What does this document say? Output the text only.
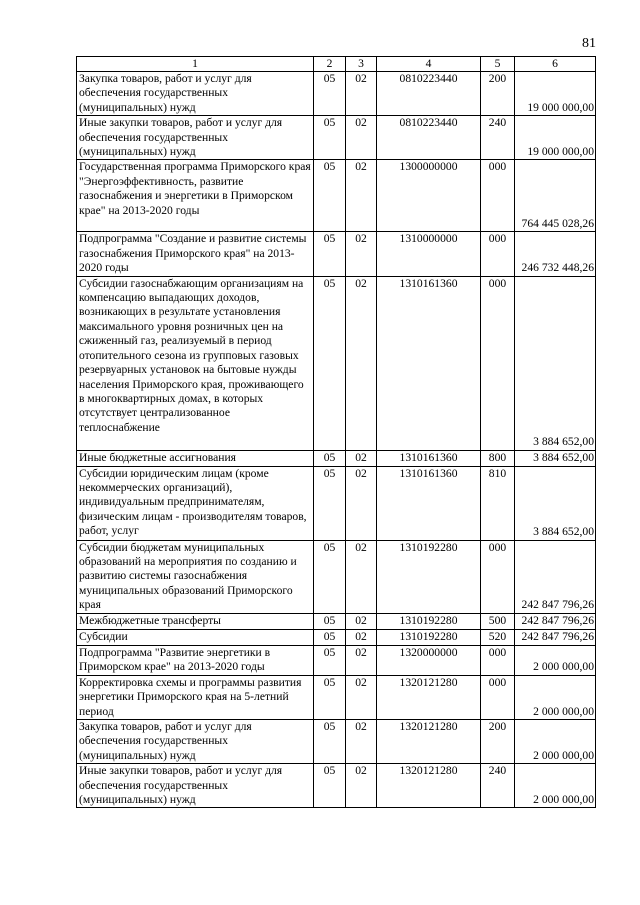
81
1	2	3	4	5	6
Закупка товаров, работ и услуг для обеспечения государственных (муниципальных) нужд	05	02	0810223440	200	19 000 000,00
Иные закупки товаров, работ и услуг для обеспечения государственных (муниципальных) нужд	05	02	0810223440	240	19 000 000,00
Государственная программа Приморского края "Энергоэффективность, развитие газоснабжения и энергетики в Приморском крае" на 2013-2020 годы	05	02	1300000000	000	764 445 028,26
Подпрограмма "Создание и развитие системы газоснабжения Приморского края" на 2013-2020 годы	05	02	1310000000	000	246 732 448,26
Субсидии газоснабжающим организациям на компенсацию выпадающих доходов, возникающих в результате установления максимального уровня розничных цен на сжиженный газ, реализуемый в период отопительного сезона из групповых газовых резервуарных установок на бытовые нужды населения Приморского края, проживающего в многоквартирных домах, в которых отсутствует централизованное теплоснабжение	05	02	1310161360	000	3 884 652,00
Иные бюджетные ассигнования	05	02	1310161360	800	3 884 652,00
Субсидии юридическим лицам (кроме некоммерческих организаций), индивидуальным предпринимателям, физическим лицам - производителям товаров, работ, услуг	05	02	1310161360	810	3 884 652,00
Субсидии бюджетам муниципальных образований на мероприятия по созданию и развитию системы газоснабжения муниципальных образований Приморского края	05	02	1310192280	000	242 847 796,26
Межбюджетные трансферты	05	02	1310192280	500	242 847 796,26
Субсидии	05	02	1310192280	520	242 847 796,26
Подпрограмма "Развитие энергетики в Приморском крае" на 2013-2020 годы	05	02	1320000000	000	2 000 000,00
Корректировка схемы и программы развития энергетики Приморского края на 5-летний период	05	02	1320121280	000	2 000 000,00
Закупка товаров, работ и услуг для обеспечения государственных (муниципальных) нужд	05	02	1320121280	200	2 000 000,00
Иные закупки товаров, работ и услуг для обеспечения государственных (муниципальных) нужд	05	02	1320121280	240	2 000 000,00
